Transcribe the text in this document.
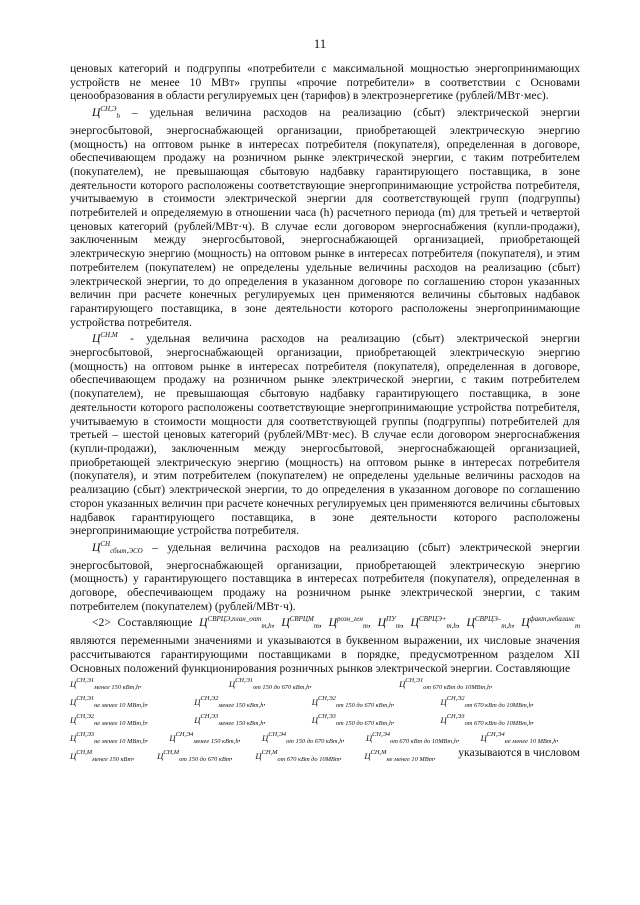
11

ценовых категорий и подгруппы «потребители с максимальной мощностью энергопринимающих устройств не менее 10 МВт» группы «прочие потребители» в соответствии с Основами ценообразования в области регулируемых цен (тарифов) в электроэнергетике (рублей/МВт·мес).

$Ц^{СН,Э}_h$ – удельная величина расходов на реализацию (сбыт) электрической энергии энергосбытовой, энергоснабжающей организации, приобретающей электрическую энергию (мощность) на оптовом рынке в интересах потребителя (покупателя), определенная в договоре, обеспечивающем продажу на розничном рынке электрической энергии, с таким потребителем (покупателем), не превышающая сбытовую надбавку гарантирующего поставщика, в зоне деятельности которого расположены соответствующие энергопринимающие устройства потребителя, учитываемую в стоимости электрической энергии для соответствующей групп (подгруппы) потребителей и определяемую в отношении часа (h) расчетного периода (m) для третьей и четвертой ценовых категорий (рублей/МВт·ч). В случае если договором энергоснабжения (купли-продажи), заключенным между энергосбытовой, энергоснабжающей организацией, приобретающей электрическую энергию (мощность) на оптовом рынке в интересах потребителя (покупателя), и этим потребителем (покупателем) не определены удельные величины расходов на реализацию (сбыт) электрической энергии, то до определения в указанном договоре по соглашению сторон указанных величин при расчете конечных регулируемых цен применяются величины сбытовых надбавок гарантирующего поставщика, в зоне деятельности которого расположены энергопринимающие устройства потребителя.

$Ц^{СН,М}$ - удельная величина расходов на реализацию (сбыт) электрической энергии энергосбытовой, энергоснабжающей организации, приобретающей электрическую энергию (мощность) на оптовом рынке в интересах потребителя (покупателя), определенная в договоре, обеспечивающем продажу на розничном рынке электрической энергии, с таким потребителем (покупателем), не превышающая сбытовую надбавку гарантирующего поставщика, в зоне деятельности которого расположены соответствующие энергопринимающие устройства потребителя, учитываемую в стоимости мощности для соответствующей группы (подгруппы) потребителей для третьей – шестой ценовых категорий (рублей/МВт·мес). В случае если договором энергоснабжения (купли-продажи), заключенным между энергосбытовой, энергоснабжающей организацией, приобретающей электрическую энергию (мощность) на оптовом рынке в интересах потребителя (покупателя), и этим потребителем (покупателем) не определены удельные величины расходов на реализацию (сбыт) электрической энергии, то до определения в указанном договоре по соглашению сторон указанных величин при расчете конечных регулируемых цен применяются величины сбытовых надбавок гарантирующего поставщика, в зоне деятельности которого расположены энергопринимающие устройства потребителя.

$Ц^{СН}_{сбыт,ЭСО}$ – удельная величина расходов на реализацию (сбыт) электрической энергии энергосбытовой, энергоснабжающей организации, приобретающей электрическую энергию (мощность) у гарантирующего поставщика в интересах потребителя (покупателя), определенная в договоре, обеспечивающем продажу на розничном рынке электрической энергии, с таким потребителем (покупателем) (рублей/МВт·ч).

<2> Составляющие $Ц^{СВРЦЭ,план\_опт}_{m,h}$, $Ц^{СВРЦМ}_m$, $Ц^{розн\_ген}_m$, $Ц^{ПУ}_m$, $Ц^{СВРЦЭ+}_{m,h}$, $Ц^{СВРЦЭ-}_{m,h}$, $Ц^{факт,небаланс}_m$ являются переменными значениями и указываются в буквенном выражении, их числовые значения рассчитываются гарантирующими поставщиками в порядке, предусмотренном разделом XII Основных положений функционирования розничных рынков электрической энергии. Составляющие

$Ц^{СН,Э1}_{менее 150 кВт,h}$,	$Ц^{СН,Э1}_{от 150 до 670 кВт,h}$,	$Ц^{СН,Э1}_{от 670 кВт до 10МВт,h}$,
$Ц^{СН,Э1}_{не менее 10 МВт,h}$,	$Ц^{СН,Э2}_{менее 150 кВт,h}$,	$Ц^{СН,Э2}_{от 150 до 670 кВт,h}$,	$Ц^{СН,Э2}_{от 670 кВт до 10МВт,h}$,
$Ц^{СН,Э2}_{не менее 10 МВт,h}$,	$Ц^{СН,Э3}_{менее 150 кВт,h}$,	$Ц^{СН,Э3}_{от 150 до 670 кВт,h}$,	$Ц^{СН,Э3}_{от 670 кВт до 10МВт,h}$,
$Ц^{СН,Э3}_{не менее 10 МВт,h}$,	$Ц^{СН,Э4}_{менее 150 кВт,h}$,	$Ц^{СН,Э4}_{от 150 до 670 кВт,h}$,	$Ц^{СН,Э4}_{от 670 кВт до 10МВт,h}$,	$Ц^{СН,Э4}_{не менее 10 МВт,h}$,
$Ц^{СН,М}_{менее 150 кВт}$,	$Ц^{СН,М}_{от 150 до 670 кВт}$,	$Ц^{СН,М}_{от 670 кВт до 10МВт}$,	$Ц^{СН,М}_{не менее 10 МВт}$,	указываются в числовом
